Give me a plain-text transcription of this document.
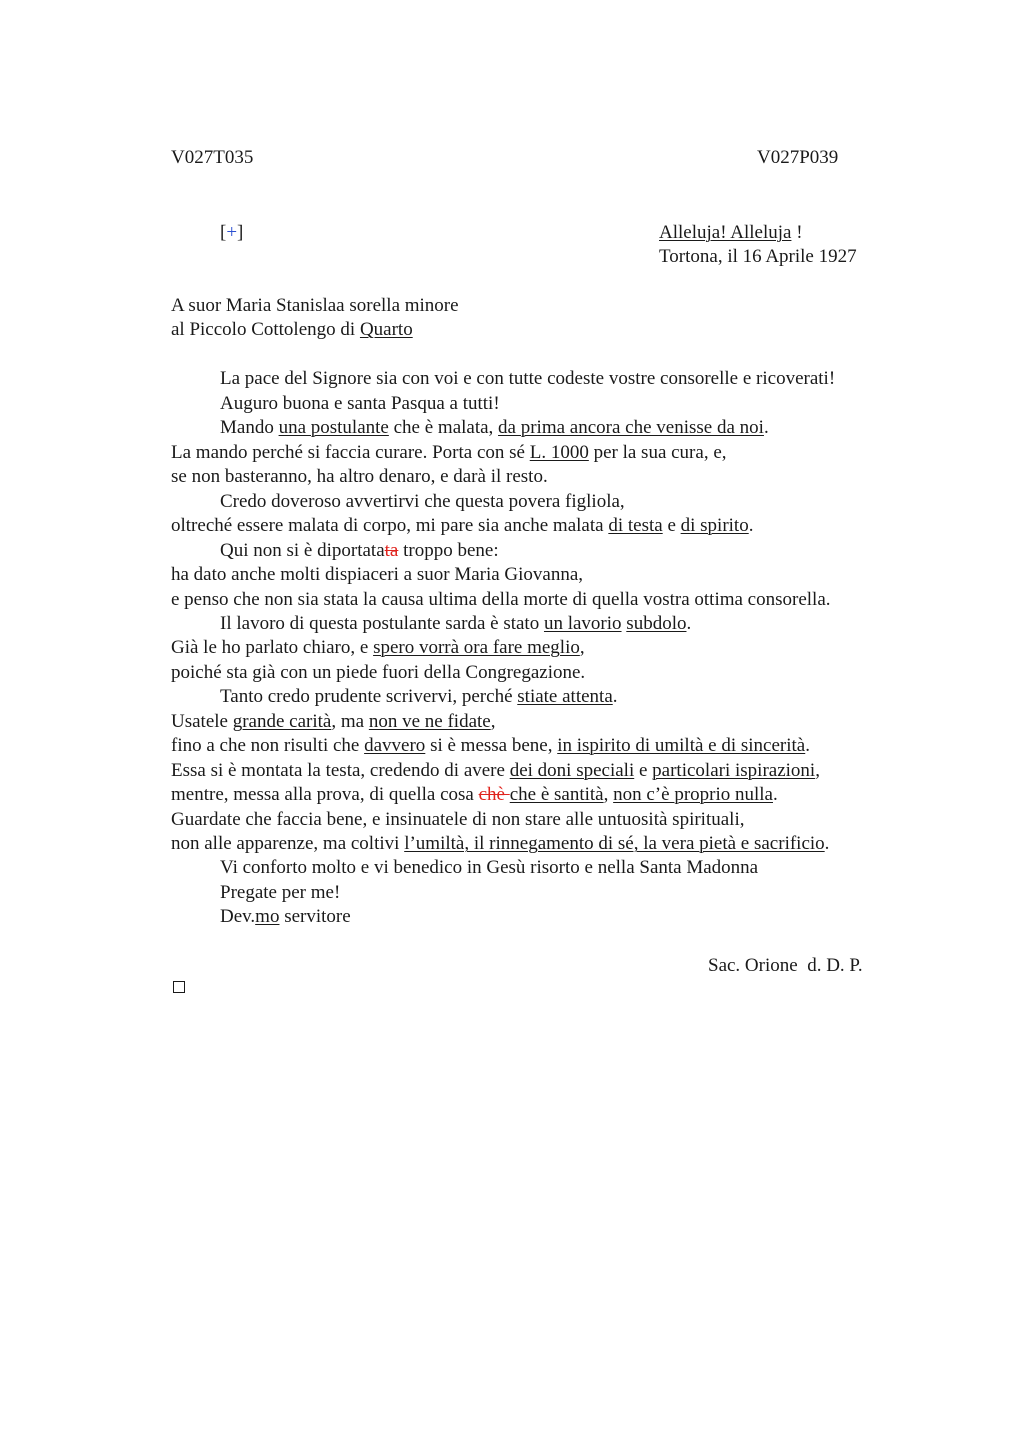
V027T035	V027P039
[+]	Alleluja! Alleluja !
Tortona, il 16 Aprile 1927
A suor Maria Stanislaa sorella minore
al Piccolo Cottolengo di Quarto
La pace del Signore sia con voi e con tutte codeste vostre consorelle e ricoverati!
Auguro buona e santa Pasqua a tutti!
Mando una postulante che è malata, da prima ancora che venisse da noi.
La mando perché si faccia curare. Porta con sé L. 1000 per la sua cura, e,
se non basteranno, ha altro denaro, e darà il resto.
Credo doveroso avvertirvi che questa povera figliola,
oltreché essere malata di corpo, mi pare sia anche malata di testa e di spirito.
Qui non si è diportatata troppo bene:
ha dato anche molti dispiaceri a suor Maria Giovanna,
e penso che non sia stata la causa ultima della morte di quella vostra ottima consorella.
Il lavoro di questa postulante sarda è stato un lavorio subdolo.
Già le ho parlato chiaro, e spero vorrà ora fare meglio,
poiché sta già con un piede fuori della Congregazione.
Tanto credo prudente scrivervi, perché stiate attenta.
Usatele grande carità, ma non ve ne fidate,
fino a che non risulti che davvero si è messa bene, in ispirito di umiltà e di sincerità.
Essa si è montata la testa, credendo di avere dei doni speciali e particolari ispirazioni,
mentre, messa alla prova, di quella cosa chè che è santità, non c’è proprio nulla.
Guardate che faccia bene, e insinuatele di non stare alle untuosità spirituali,
non alle apparenze, ma coltivi l’umiltà, il rinnegamento di sé, la vera pietà e sacrificio.
Vi conforto molto e vi benedico in Gesù risorto e nella Santa Madonna
Pregate per me!
Dev.mo servitore
Sac. Orione  d. D. P.
